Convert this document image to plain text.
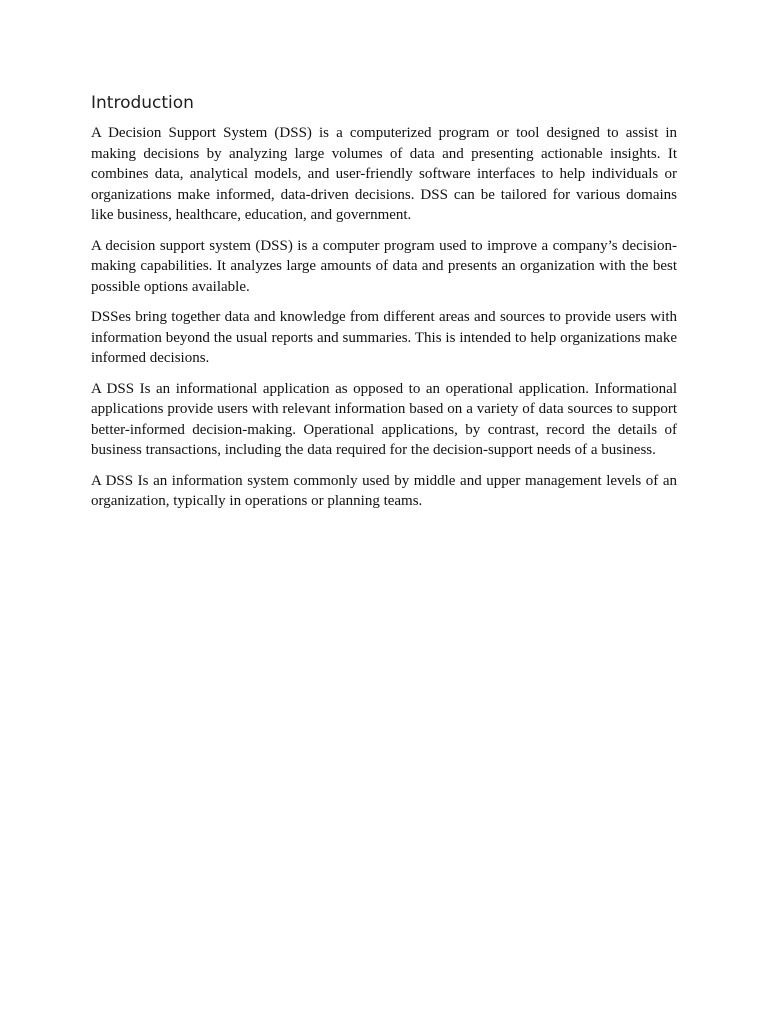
Introduction

A Decision Support System (DSS) is a computerized program or tool designed to assist in making decisions by analyzing large volumes of data and presenting actionable insights. It combines data, analytical models, and user-friendly software interfaces to help individuals or organizations make informed, data-driven decisions. DSS can be tailored for various domains like business, healthcare, education, and government.

A decision support system (DSS) is a computer program used to improve a company’s decision-making capabilities. It analyzes large amounts of data and presents an organization with the best possible options available.

DSSes bring together data and knowledge from different areas and sources to provide users with information beyond the usual reports and summaries. This is intended to help organizations make informed decisions.

A DSS Is an informational application as opposed to an operational application. Informational applications provide users with relevant information based on a variety of data sources to support better-informed decision-making. Operational applications, by contrast, record the details of business transactions, including the data required for the decision-support needs of a business.

A DSS Is an information system commonly used by middle and upper management levels of an organization, typically in operations or planning teams.
